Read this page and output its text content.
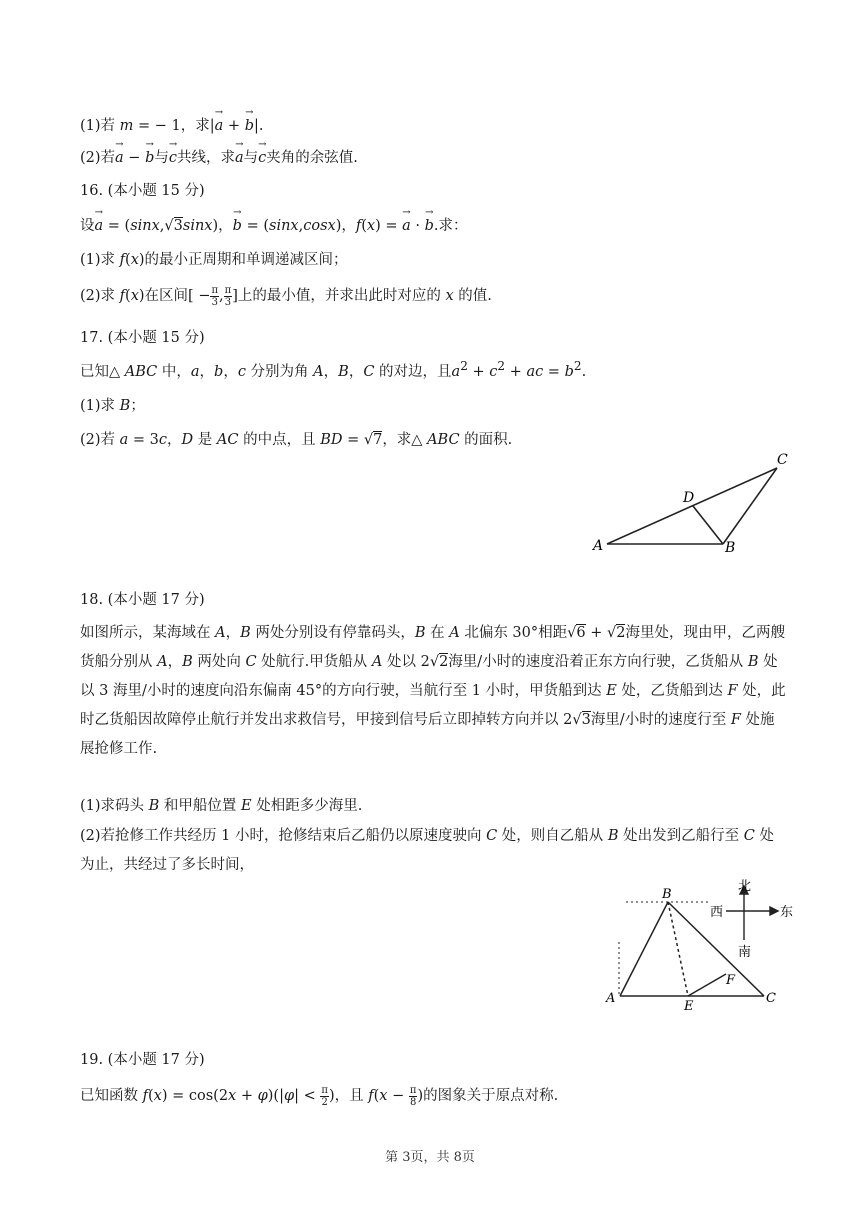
(1)若 m = − 1，求|a → + b →|.
(2)若a → − b →与c →共线，求a →与c →夹角的余弦值.
16. (本小题 15 分)
设a → = (sinx,√3sinx)，b → = (sinx,cosx)，f(x) = a → · b →.求：
(1)求 f(x)的最小正周期和单调递减区间；
(2)求 f(x)在区间[ − $\frac{\pi}{3}$ , $\frac{\pi}{3}$ ]上的最小值，并求出此时对应的 x 的值.
17. (本小题 15 分)
已知△ ABC 中，a，b，c 分别为角 A，B，C 的对边，且$a^2 + c^2$ + ac = $b^2$.
(1)求 B；
(2)若 a = 3c，D 是 AC 的中点，且 BD = √7，求△ ABC 的面积.
A	B
C
D
18. (本小题 17 分)
如图所示，某海域在 A，B 两处分别设有停靠码头，B 在 A 北偏东 30°相距√6 + √2海里处，现由甲，乙两艘货船分别从 A，B 两处向 C 处航行.甲货船从 A 处以 2√2海里/小时的速度沿着正东方向行驶，乙货船从 B 处以 3 海里/小时的速度向沿东偏南 45°的方向行驶，当航行至 1 小时，甲货船到达 E 处，乙货船到达 F 处，此时乙货船因故障停止航行并发出求救信号，甲接到信号后立即掉转方向并以 2√3海里/小时的速度行至 F 处施展抢修工作.
(1)求码头 B 和甲船位置 E 处相距多少海里.
(2)若抢修工作共经历 1 小时，抢修结束后乙船仍以原速度驶向 C 处，则自乙船从 B 处出发到乙船行至 C 处为止，共经过了多长时间，
北
南
东
西
A
B
C
E
F
19. (本小题 17 分)
已知函数 $f(x) = \cos(2x + \varphi)(|\varphi| < \frac{\pi}{2}$ )，且 $f(x - \frac{\pi}{8}$ )的图象关于原点对称.
第 3页，共 8页
